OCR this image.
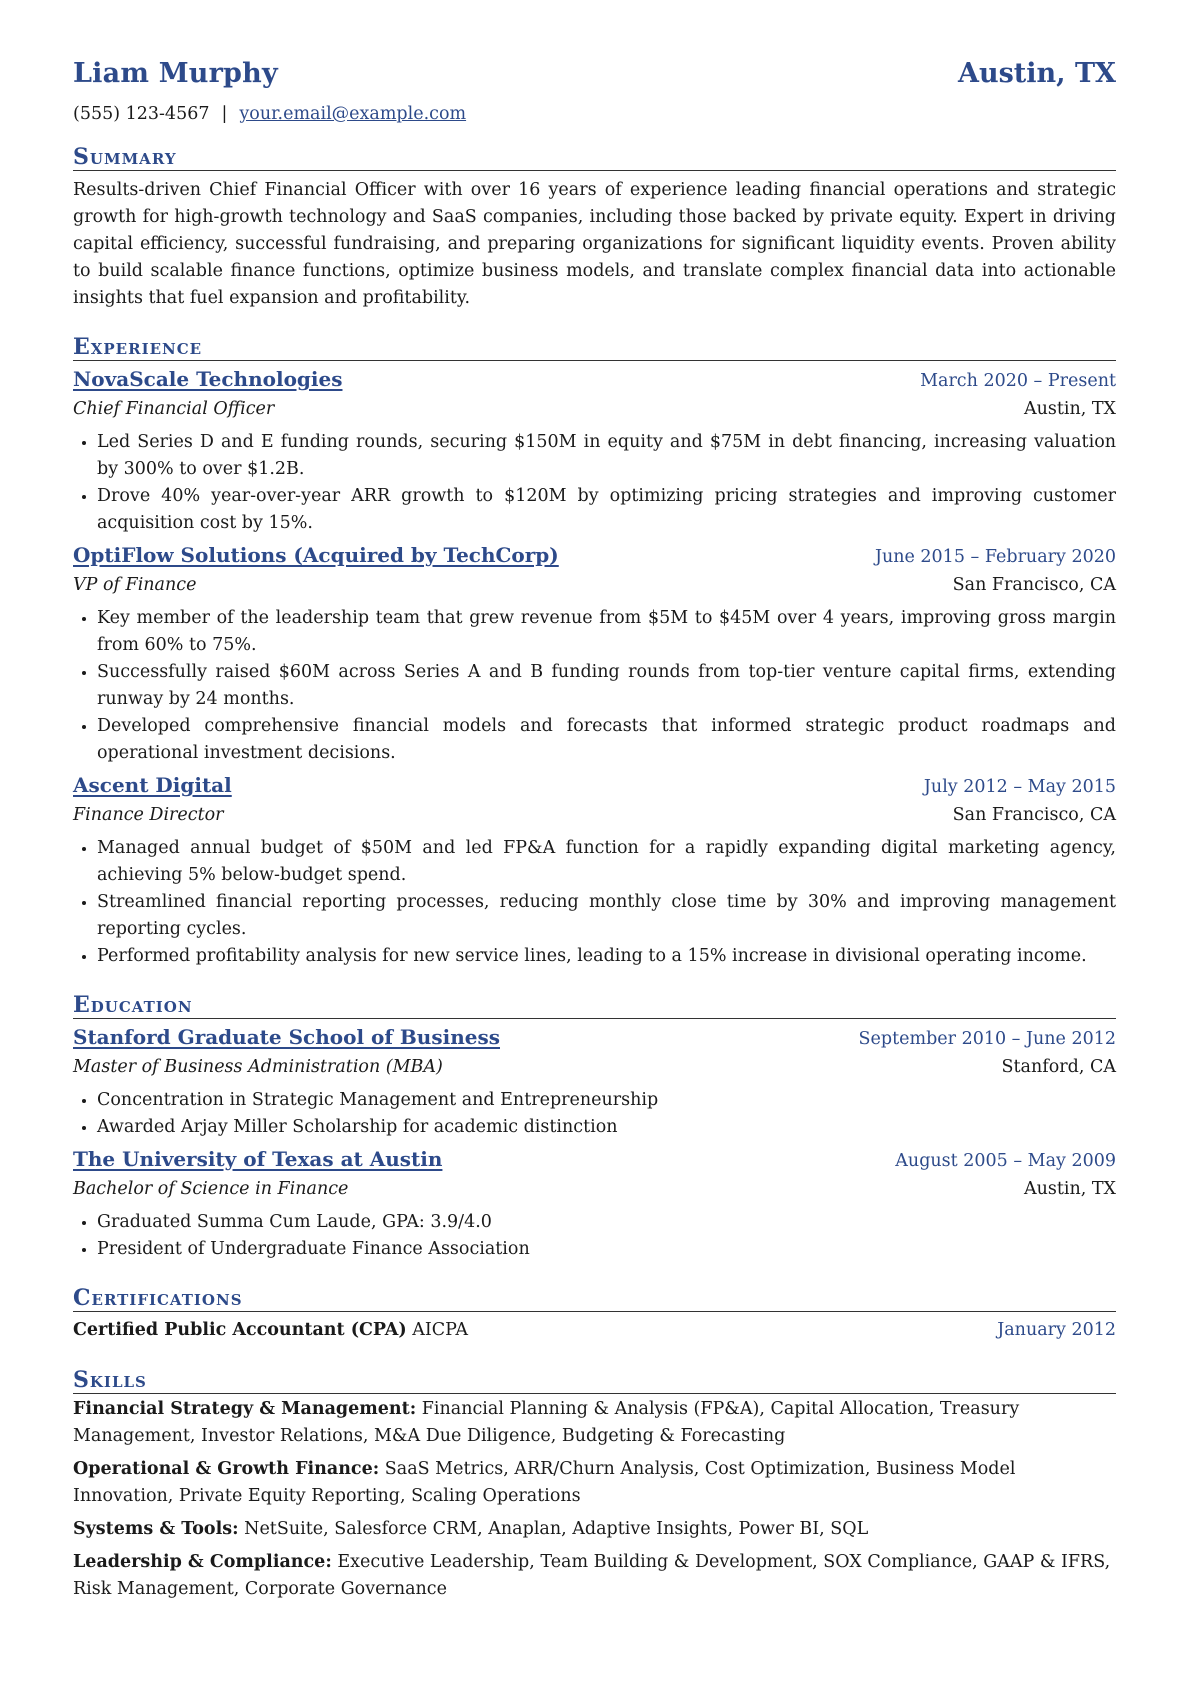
Liam Murphy	Austin, TX
(555) 123-4567 | your.email@example.com
Summary
Results-driven Chief Financial Officer with over 16 years of experience leading financial operations and strategic growth for high-growth technology and SaaS companies, including those backed by private equity. Expert in driving capital efficiency, successful fundraising, and preparing organizations for significant liquidity events. Proven ability to build scalable finance functions, optimize business models, and translate complex financial data into actionable insights that fuel expansion and profitability.
Experience
NovaScale Technologies	March 2020 – Present
Chief Financial Officer	Austin, TX
• Led Series D and E funding rounds, securing $150M in equity and $75M in debt financing, increasing valuation by 300% to over $1.2B.
• Drove 40% year-over-year ARR growth to $120M by optimizing pricing strategies and improving customer acquisition cost by 15%.
OptiFlow Solutions (Acquired by TechCorp)	June 2015 – February 2020
VP of Finance	San Francisco, CA
• Key member of the leadership team that grew revenue from $5M to $45M over 4 years, improving gross margin from 60% to 75%.
• Successfully raised $60M across Series A and B funding rounds from top-tier venture capital firms, extending runway by 24 months.
• Developed comprehensive financial models and forecasts that informed strategic product roadmaps and operational investment decisions.
Ascent Digital	July 2012 – May 2015
Finance Director	San Francisco, CA
• Managed annual budget of $50M and led FP&A function for a rapidly expanding digital marketing agency, achieving 5% below-budget spend.
• Streamlined financial reporting processes, reducing monthly close time by 30% and improving management reporting cycles.
• Performed profitability analysis for new service lines, leading to a 15% increase in divisional operating income.
Education
Stanford Graduate School of Business	September 2010 – June 2012
Master of Business Administration (MBA)	Stanford, CA
• Concentration in Strategic Management and Entrepreneurship
• Awarded Arjay Miller Scholarship for academic distinction
The University of Texas at Austin	August 2005 – May 2009
Bachelor of Science in Finance	Austin, TX
• Graduated Summa Cum Laude, GPA: 3.9/4.0
• President of Undergraduate Finance Association
Certifications
Certified Public Accountant (CPA) AICPA	January 2012
Skills
Financial Strategy & Management: Financial Planning & Analysis (FP&A), Capital Allocation, Treasury Management, Investor Relations, M&A Due Diligence, Budgeting & Forecasting
Operational & Growth Finance: SaaS Metrics, ARR/Churn Analysis, Cost Optimization, Business Model Innovation, Private Equity Reporting, Scaling Operations
Systems & Tools: NetSuite, Salesforce CRM, Anaplan, Adaptive Insights, Power BI, SQL
Leadership & Compliance: Executive Leadership, Team Building & Development, SOX Compliance, GAAP & IFRS, Risk Management, Corporate Governance
